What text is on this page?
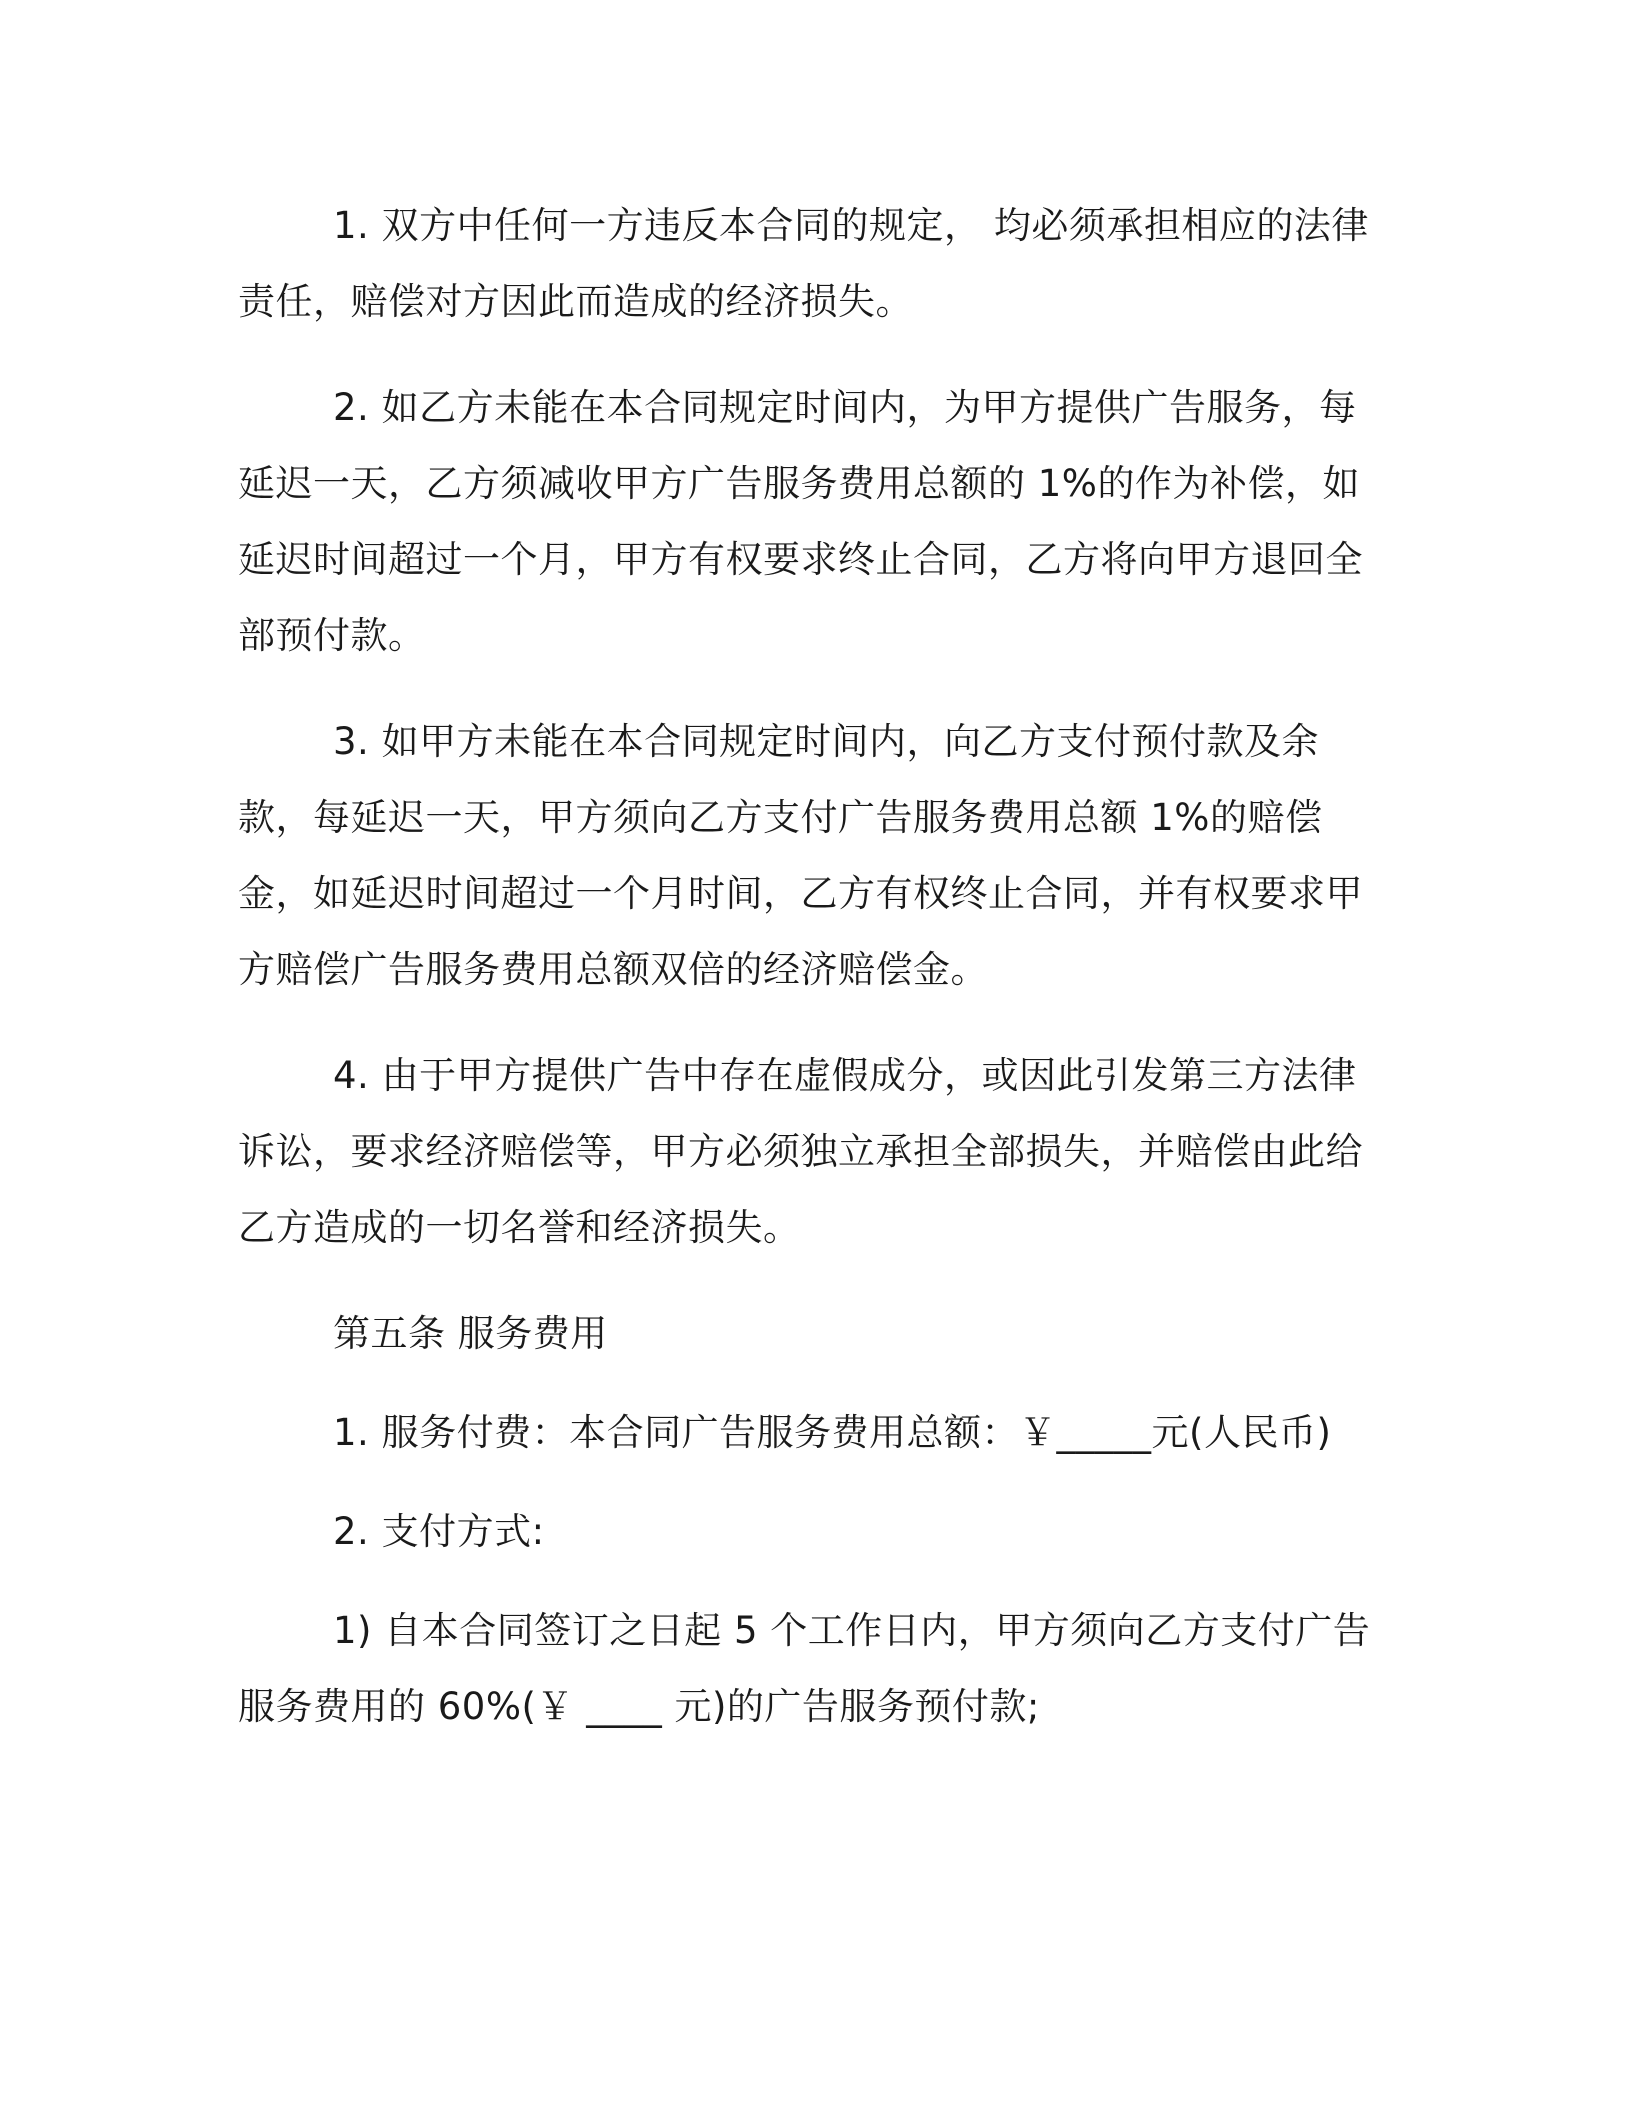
1. 双方中任何一方违反本合同的规定， 均必须承担相应的法律责任，赔偿对方因此而造成的经济损失。

2. 如乙方未能在本合同规定时间内，为甲方提供广告服务，每延迟一天，乙方须减收甲方广告服务费用总额的 1%的作为补偿，如延迟时间超过一个月，甲方有权要求终止合同，乙方将向甲方退回全部预付款。

3. 如甲方未能在本合同规定时间内，向乙方支付预付款及余款，每延迟一天，甲方须向乙方支付广告服务费用总额 1%的赔偿金，如延迟时间超过一个月时间，乙方有权终止合同，并有权要求甲方赔偿广告服务费用总额双倍的经济赔偿金。

4. 由于甲方提供广告中存在虚假成分，或因此引发第三方法律诉讼，要求经济赔偿等，甲方必须独立承担全部损失，并赔偿由此给乙方造成的一切名誉和经济损失。

第五条 服务费用

1. 服务付费：本合同广告服务费用总额：￥_____元(人民币)

2. 支付方式:

1) 自本合同签订之日起 5 个工作日内，甲方须向乙方支付广告服务费用的 60%(￥ ____ 元)的广告服务预付款;
